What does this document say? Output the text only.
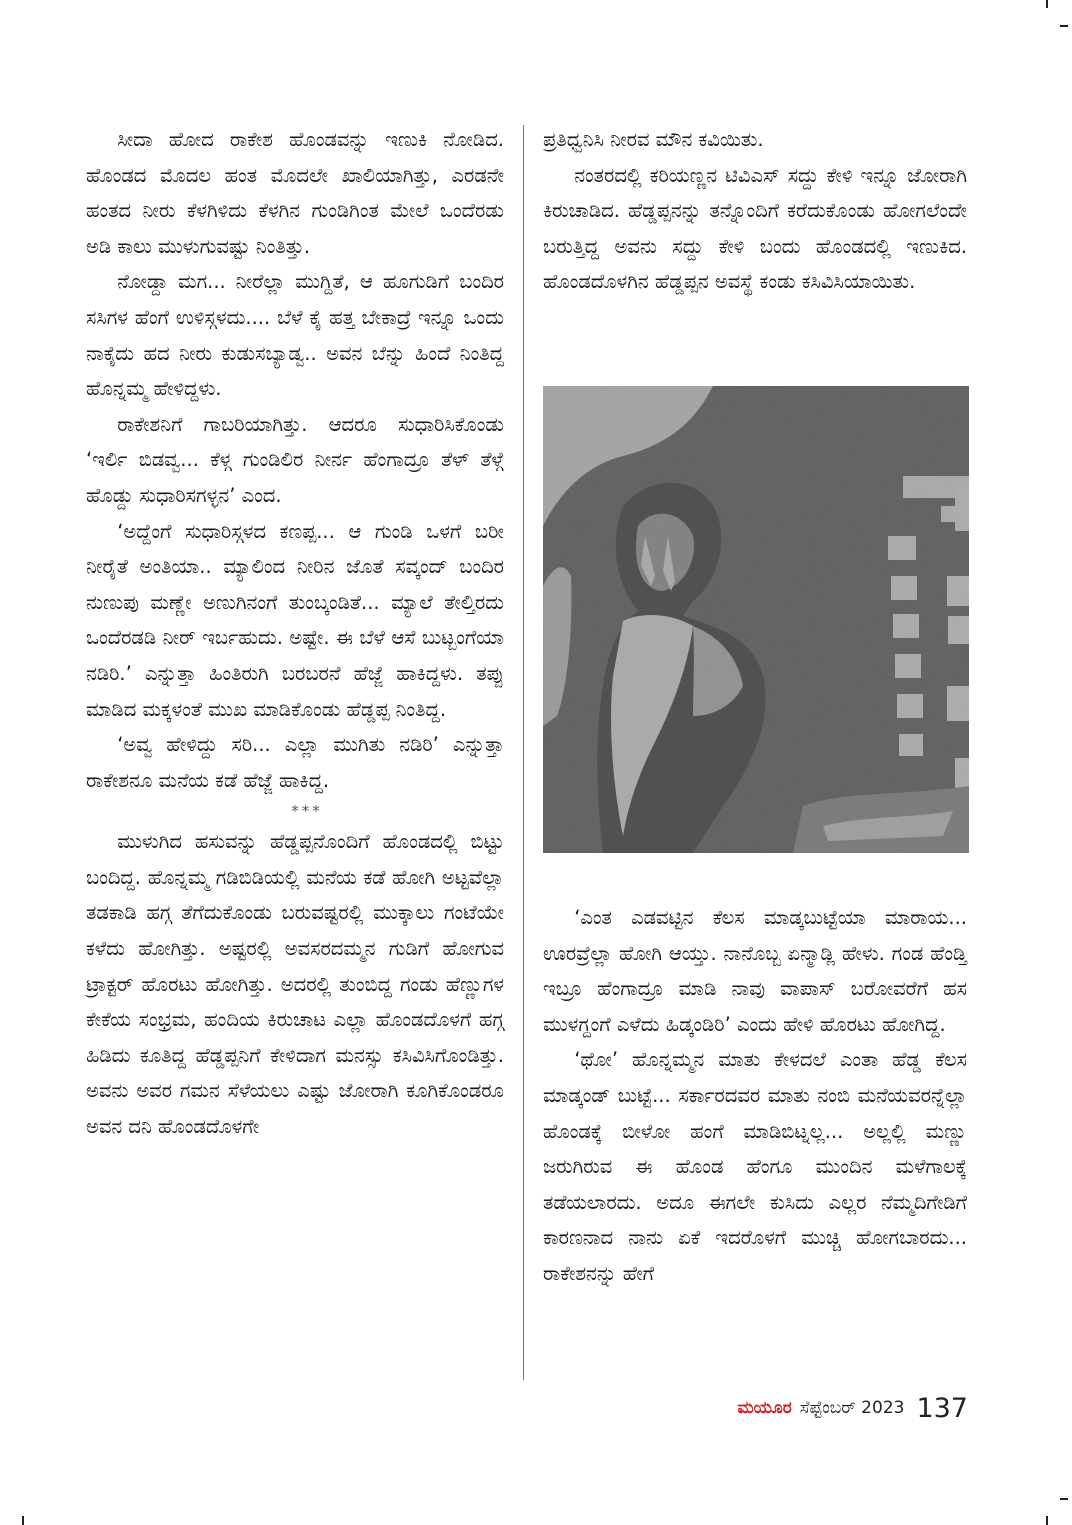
ಸೀದಾ ಹೋದ ರಾಕೇಶ ಹೊಂಡವನ್ನು ಇಣುಕಿ ನೋಡಿದ. ಹೊಂಡದ ಮೊದಲ ಹಂತ ಮೊದಲೇ ಖಾಲಿಯಾಗಿತ್ತು, ಎರಡನೇ ಹಂತದ ನೀರು ಕೆಳಗಿಳಿದು ಕೆಳಗಿನ ಗುಂಡಿಗಿಂತ ಮೇಲೆ ಒಂದೆರಡು ಅಡಿ ಕಾಲು ಮುಳುಗುವಷ್ಟು ನಿಂತಿತ್ತು.

ನೋಡ್ದಾ ಮಗ... ನೀರೆಲ್ಲಾ ಮುಗ್ದಿತೆ, ಆ ಹೂಗುಡಿಗೆ ಬಂದಿರ ಸಸಿಗಳ ಹೆಂಗೆ ಉಳಿಸ್ಗಳದು.... ಬೆಳೆ ಕೈ ಹತ್ತ ಬೇಕಾದ್ರೆ ಇನ್ನೂ ಒಂದು ನಾಕೈದು ಹದ ನೀರು ಕುಡುಸಬ್ಯಾಡ್ವ.. ಅವನ ಬೆನ್ನು ಹಿಂದೆ ನಿಂತಿದ್ದ ಹೊನ್ನಮ್ಮ ಹೇಳಿದ್ದಳು.

ರಾಕೇಶನಿಗೆ ಗಾಬರಿಯಾಗಿತ್ತು. ಆದರೂ ಸುಧಾರಿಸಿಕೊಂಡು ‘ಇರ್ಲಿ ಬಿಡವ್ವ... ಕೆಳ್ಗ ಗುಂಡಿಲಿರ ನೀರ್ನ ಹೆಂಗಾದ್ರೂ ತೆಳ್ ತೆಳ್ಗೆ ಹೊಡ್ದು ಸುಧಾರಿಸಗಳ್ಳನ’ ಎಂದ.

‘ಅದ್ದೆಂಗೆ ಸುಧಾರಿಸ್ಗಳದ ಕಣಪ್ಪ... ಆ ಗುಂಡಿ ಒಳಗೆ ಬರೀ ನೀರೈತೆ ಅಂತಿಯಾ.. ಮ್ಯಾಲಿಂದ ನೀರಿನ ಜೊತೆ ಸವ್ಕಂದ್ ಬಂದಿರ ನುಣುಪು ಮಣ್ಣೇ ಅಣುಗಿನಂಗೆ ತುಂಬ್ಕಂಡಿತೆ... ಮ್ಯಾಲೆ ತೇಲ್ತಿರದು ಒಂದೆರಡಡಿ ನೀರ್ ಇರ್ಬಹುದು. ಅಷ್ಟೇ. ಈ ಬೆಳೆ ಆಸೆ ಬುಟ್ಬಂಗೆಯಾ ನಡಿರಿ.’ ಎನ್ನುತ್ತಾ ಹಿಂತಿರುಗಿ ಬರಬರನೆ ಹೆಜ್ಜೆ ಹಾಕಿದ್ದಳು. ತಪ್ಪು ಮಾಡಿದ ಮಕ್ಕಳಂತೆ ಮುಖ ಮಾಡಿಕೊಂಡು ಹೆಡ್ಡಪ್ಪ ನಿಂತಿದ್ದ.

‘ಅವ್ವ ಹೇಳಿದ್ದು ಸರಿ... ಎಲ್ಲಾ ಮುಗಿತು ನಡಿರಿ’ ಎನ್ನುತ್ತಾ ರಾಕೇಶನೂ ಮನೆಯ ಕಡೆ ಹೆಜ್ಜೆ ಹಾಕಿದ್ದ.

***

ಮುಳುಗಿದ ಹಸುವನ್ನು ಹೆಡ್ಡಪ್ಪನೊಂದಿಗೆ ಹೊಂಡದಲ್ಲಿ ಬಿಟ್ಟು ಬಂದಿದ್ದ. ಹೊನ್ನಮ್ಮ ಗಡಿಬಿಡಿಯಲ್ಲಿ ಮನೆಯ ಕಡೆ ಹೋಗಿ ಅಟ್ಟವೆಲ್ಲಾ ತಡಕಾಡಿ ಹಗ್ಗ ತೆಗೆದುಕೊಂಡು ಬರುವಷ್ಟರಲ್ಲಿ ಮುಕ್ಕಾಲು ಗಂಟೆಯೇ ಕಳೆದು ಹೋಗಿತ್ತು. ಅಷ್ಟರಲ್ಲಿ ಅವಸರದಮ್ಮನ ಗುಡಿಗೆ ಹೋಗುವ ಟ್ರಾಕ್ಟರ್ ಹೊರಟು ಹೋಗಿತ್ತು. ಅದರಲ್ಲಿ ತುಂಬಿದ್ದ ಗಂಡು ಹೆಣ್ಣುಗಳ ಕೇಕೆಯ ಸಂಭ್ರಮ, ಹಂದಿಯ ಕಿರುಚಾಟ ಎಲ್ಲಾ ಹೊಂಡದೊಳಗೆ ಹಗ್ಗ ಹಿಡಿದು ಕೂತಿದ್ದ ಹೆಡ್ಡಪ್ಪನಿಗೆ ಕೇಳಿದಾಗ ಮನಸ್ಸು ಕಸಿವಿಸಿಗೊಂಡಿತ್ತು. ಅವನು ಅವರ ಗಮನ ಸೆಳೆಯಲು ಎಷ್ಟು ಜೋರಾಗಿ ಕೂಗಿಕೊಂಡರೂ ಅವನ ದನಿ ಹೊಂಡದೊಳಗೇ

ಪ್ರತಿಧ್ವನಿಸಿ ನೀರವ ಮೌನ ಕವಿಯಿತು.

ನಂತರದಲ್ಲಿ ಕರಿಯಣ್ಣನ ಟಿವಿಎಸ್ ಸದ್ದು ಕೇಳಿ ಇನ್ನೂ ಜೋರಾಗಿ ಕಿರುಚಾಡಿದ. ಹೆಡ್ಡಪ್ಪನನ್ನು ತನ್ನೊಂದಿಗೆ ಕರೆದುಕೊಂಡು ಹೋಗಲೆಂದೇ ಬರುತ್ತಿದ್ದ ಅವನು ಸದ್ದು ಕೇಳಿ ಬಂದು ಹೊಂಡದಲ್ಲಿ ಇಣುಕಿದ. ಹೊಂಡದೊಳಗಿನ ಹೆಡ್ಡಪ್ಪನ ಅವಸ್ಥೆ ಕಂಡು ಕಸಿವಿಸಿಯಾಯಿತು.

‘ಎಂತ ಎಡವಟ್ಟಿನ ಕೆಲಸ ಮಾಡ್ಕಬುಟ್ಟೆಯಾ ಮಾರಾಯ... ಊರವ್ರೆಲ್ಲಾ ಹೋಗಿ ಆಯ್ತು. ನಾನೊಬ್ಬ ಏನ್ಮಾಡ್ಲಿ ಹೇಳು. ಗಂಡ ಹೆಂಡ್ತಿ ಇಬ್ರೂ ಹೆಂಗಾದ್ರೂ ಮಾಡಿ ನಾವು ವಾಪಾಸ್ ಬರೋವರೆಗೆ ಹಸ ಮುಳಗ್ದಂಗೆ ಎಳೆದು ಹಿಡ್ಕಂಡಿರಿ’ ಎಂದು ಹೇಳಿ ಹೊರಟು ಹೋಗಿದ್ದ.

‘ಥೋ’ ಹೊನ್ನಮ್ಮನ ಮಾತು ಕೇಳದಲೆ ಎಂತಾ ಹೆಡ್ಡ ಕೆಲಸ ಮಾಡ್ಕಂಡ್ ಬುಟ್ಟೆ... ಸರ್ಕಾರದವರ ಮಾತು ನಂಬಿ ಮನೆಯವರನ್ನೆಲ್ಲಾ ಹೊಂಡಕ್ಕೆ ಬೀಳೋ ಹಂಗೆ ಮಾಡಿಬಿಟ್ನಲ್ಲ... ಅಲ್ಲಲ್ಲಿ ಮಣ್ಣು ಜರುಗಿರುವ ಈ ಹೊಂಡ ಹೆಂಗೂ ಮುಂದಿನ ಮಳೆಗಾಲಕ್ಕೆ ತಡೆಯಲಾರದು. ಅದೂ ಈಗಲೇ ಕುಸಿದು ಎಲ್ಲರ ನೆಮ್ಮದಿಗೇಡಿಗೆ ಕಾರಣನಾದ ನಾನು ಏಕೆ ಇದರೊಳಗೆ ಮುಚ್ಚಿ ಹೋಗಬಾರದು... ರಾಕೇಶನನ್ನು ಹೇಗೆ

ಮಯೂರ ಸೆಪ್ಟೆಂಬರ್ 2023 137
